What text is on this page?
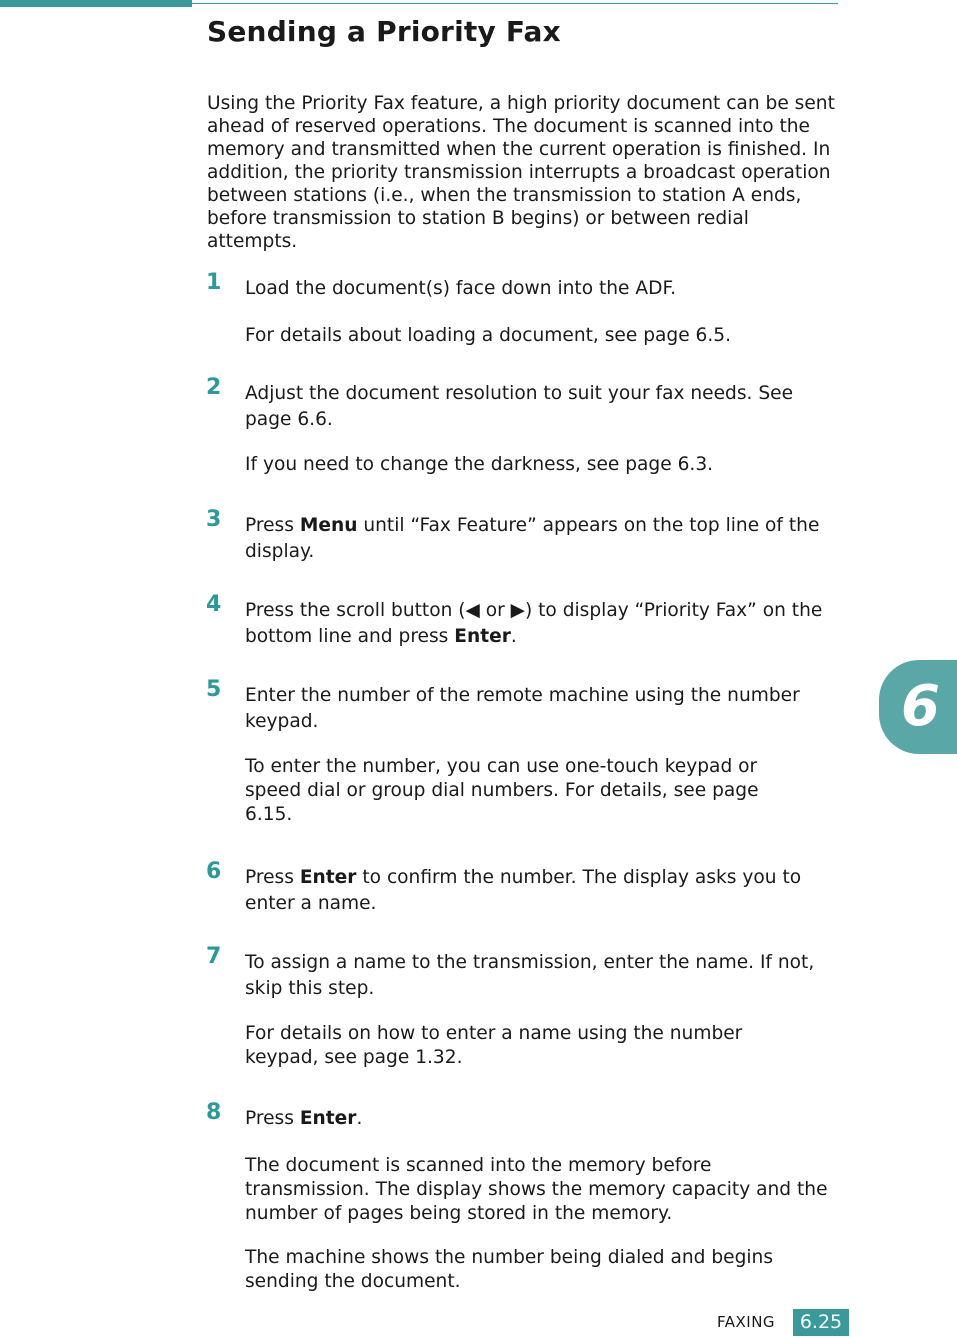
Sending a Priority Fax

Using the Priority Fax feature, a high priority document can be sent ahead of reserved operations. The document is scanned into the memory and transmitted when the current operation is finished. In addition, the priority transmission interrupts a broadcast operation between stations (i.e., when the transmission to station A ends, before transmission to station B begins) or between redial attempts.

1	Load the document(s) face down into the ADF.

For details about loading a document, see page 6.5.

2	Adjust the document resolution to suit your fax needs. See page 6.6.

If you need to change the darkness, see page 6.3.

3	Press Menu until “Fax Feature” appears on the top line of the display.

4	Press the scroll button (◀ or ▶) to display “Priority Fax” on the bottom line and press Enter.

5	Enter the number of the remote machine using the number keypad.

To enter the number, you can use one-touch keypad or speed dial or group dial numbers. For details, see page 6.15.

6	Press Enter to confirm the number. The display asks you to enter a name.

7	To assign a name to the transmission, enter the name. If not, skip this step.

For details on how to enter a name using the number keypad, see page 1.32.

8	Press Enter.

The document is scanned into the memory before transmission. The display shows the memory capacity and the number of pages being stored in the memory.

The machine shows the number being dialed and begins sending the document.

6
FAXING	6.25
